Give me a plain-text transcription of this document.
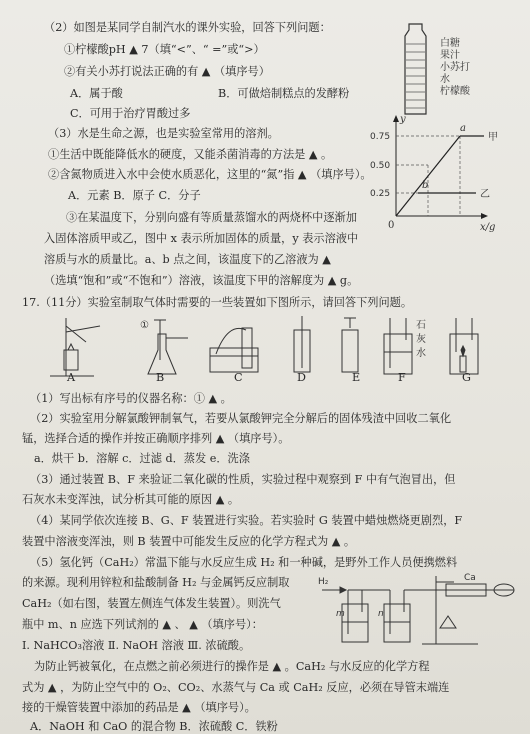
（2）如图是某同学自制汽水的课外实验，回答下列问题：
①柠檬酸pH ▲ 7（填“<”、“ =”或“>）
②有关小苏打说法正确的有 ▲ （填序号）
A．属于酸	B．可做焙制糕点的发酵粉
C．可用于治疗胃酸过多
（3）水是生命之源，也是实验室常用的溶剂。
①生活中既能降低水的硬度，又能杀菌消毒的方法是 ▲ 。
②含氮物质进入水中会使水质恶化，这里的“氮”指 ▲ （填序号）。
A．元素 B．原子 C．分子
③在某温度下，分别向盛有等质量蒸馏水的两烧杯中逐渐加
入固体溶质甲或乙，图中 x 表示所加固体的质量，y 表示溶液中
溶质与水的质量比。a、b 点之间，该温度下的乙溶液为 ▲
（选填“饱和”或“不饱和”）溶液，该温度下甲的溶解度为 ▲ g。
白糖
果汁
小苏打
水
柠檬酸
y
x/g
0
0.75
0.50
0.25
a
b
甲
乙
17.（11分）实验室制取气体时需要的一些装置如下图所示，请回答下列问题。
①	石
灰
水
A	B	C	D	E	F	G
（1）写出标有序号的仪器名称：① ▲ 。
（2）实验室用分解氯酸钾制氧气，若要从氯酸钾完全分解后的固体残渣中回收二氧化
锰，选择合适的操作并按正确顺序排列 ▲ （填序号）。
a．烘干 b．溶解 c．过滤 d．蒸发 e．洗涤
（3）通过装置 B、F 来验证二氧化碳的性质，实验过程中观察到 F 中有气泡冒出，但
石灰水未变浑浊，试分析其可能的原因 ▲ 。
（4）某同学依次连接 B、G、F 装置进行实验。若实验时 G 装置中蜡烛燃烧更剧烈，F
装置中溶液变浑浊，则 B 装置中可能发生反应的化学方程式为 ▲ 。
（5）氢化钙（CaH₂）常温下能与水反应生成 H₂ 和一种碱，是野外工作人员便携燃料
的来源。现利用锌粒和盐酸制备 H₂ 与金属钙反应制取
CaH₂（如右图，装置左侧连气体发生装置）。则洗气
瓶中 m、n 应选下列试剂的 ▲ 、 ▲ （填序号）：
Ⅰ. NaHCO₃溶液 Ⅱ. NaOH 溶液 Ⅲ. 浓硫酸。
为防止钙被氧化，在点燃之前必须进行的操作是 ▲ 。CaH₂ 与水反应的化学方程
式为 ▲ ，为防止空气中的 O₂、CO₂、水蒸气与 Ca 或 CaH₂ 反应，必须在导管末端连
接的干燥管装置中添加的药品是 ▲ （填序号）。
A．NaOH 和 CaO 的混合物 B．浓硫酸 C．铁粉
H₂
m	n
Ca
